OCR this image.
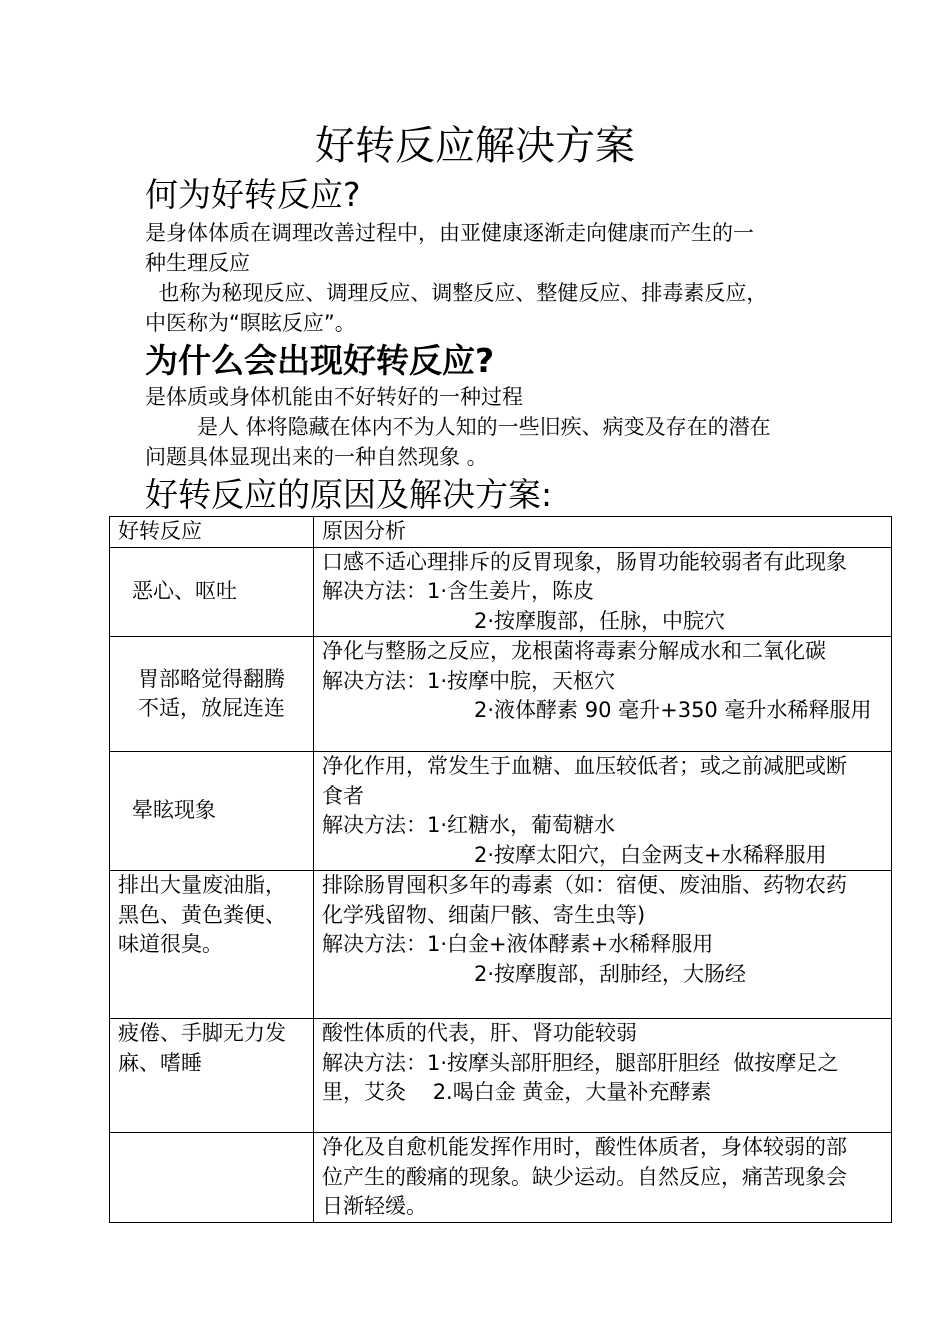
好转反应解决方案
何为好转反应?
是身体体质在调理改善过程中，由亚健康逐渐走向健康而产生的一
种生理反应
也称为秘现反应、调理反应、调整反应、整健反应、排毒素反应，
中医称为“瞑眩反应”。
为什么会出现好转反应?
是体质或身体机能由不好转好的一种过程
是人 体将隐藏在体内不为人知的一些旧疾、病变及存在的潜在
问题具体显现出来的一种自然现象 。
好转反应的原因及解决方案:
好转反应	原因分析

恶心、呕吐	口感不适心理排斥的反胃现象，肠胃功能较弱者有此现象
解决方法：1·含生姜片，陈皮
2·按摩腹部，任脉，中脘穴

胃部略觉得翻腾
不适，放屁连连	净化与整肠之反应，龙根菌将毒素分解成水和二氧化碳
解决方法：1·按摩中脘，天枢穴
2·液体酵素 90 毫升+350 毫升水稀释服用

晕眩现象	净化作用，常发生于血糖、血压较低者；或之前减肥或断
食者
解决方法：1·红糖水，葡萄糖水
2·按摩太阳穴，白金两支+水稀释服用

排出大量废油脂，
黑色、黄色粪便、
味道很臭。	排除肠胃囤积多年的毒素（如：宿便、废油脂、药物农药
化学残留物、细菌尸骸、寄生虫等)
解决方法：1·白金+液体酵素+水稀释服用
2·按摩腹部，刮肺经，大肠经

疲倦、手脚无力发
麻、嗜睡	酸性体质的代表，肝、肾功能较弱
解决方法：1·按摩头部肝胆经，腿部肝胆经  做按摩足之
里，艾灸    2.喝白金 黄金，大量补充酵素

	净化及自愈机能发挥作用时，酸性体质者，身体较弱的部
位产生的酸痛的现象。缺少运动。自然反应，痛苦现象会
日渐轻缓。
